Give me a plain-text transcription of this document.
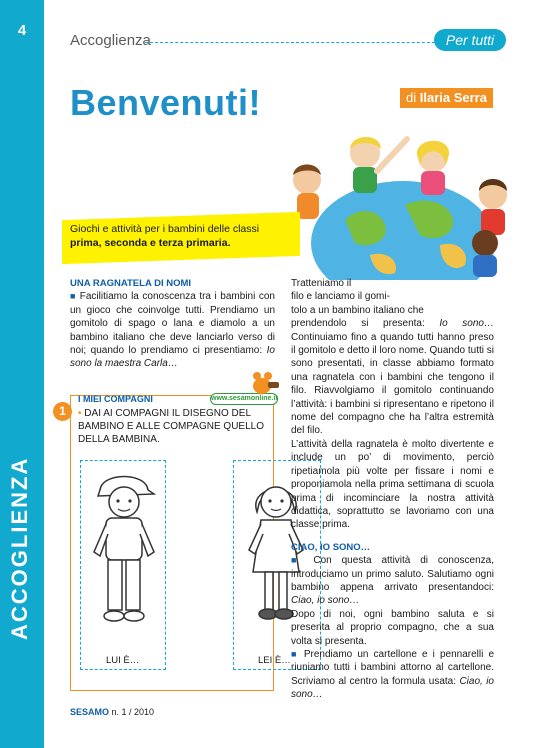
4
ACCOGLIENZA
Accoglienza	Per tutti
Benvenuti!	di Ilaria Serra
Giochi e attività per i bambini delle classi
prima, seconda e terza primaria.

UNA RAGNATELA DI NOMI

■ Facilitiamo la conoscenza tra i bambini con un gioco che coinvolge tutti. Prendiamo un gomitolo di spago o lana e diamolo a un bambino italiano che deve lanciarlo verso di noi; quando lo prendiamo ci presentiamo: Io sono la maestra Carla…

1
I MIEI COMPAGNI
• DAI AI COMPAGNI IL DISEGNO DEL BAMBINO E ALLE COMPAGNE QUELLO DELLA BAMBINA.
www.sesamonline.it
LUI È…	LEI È…

Tratteniamo il
filo e lanciamo il gomi-
tolo a un bambino italiano che
prendendolo si presenta: Io sono… Continuiamo fino a quando tutti hanno preso il gomitolo e detto il loro nome. Quando tutti si sono presentati, in classe abbiamo formato una ragnatela con i bambini che tengono il filo. Riavvolgiamo il gomitolo continuando l’attività: i bambini si ripresentano e ripetono il nome del compagno che ha l’altra estremità del filo.

L’attività della ragnatela è molto divertente e include un po’ di movimento, perciò ripetiamola più volte per fissare i nomi e proponiamola nella prima settimana di scuola prima di incominciare la nostra attività didattica, soprattutto se lavoriamo con una classe prima.

CIAO, IO SONO…

■ Con questa attività di conoscenza, introduciamo un primo saluto. Salutiamo ogni bambino appena arrivato presentandoci: Ciao, io sono…

Dopo di noi, ogni bambino saluta e si presenta al proprio compagno, che a sua volta si presenta.

■ Prendiamo un cartellone e i pennarelli e riuniamo tutti i bambini attorno al cartellone. Scriviamo al centro la formula usata: Ciao, io sono…

SESAMO n. 1 / 2010
